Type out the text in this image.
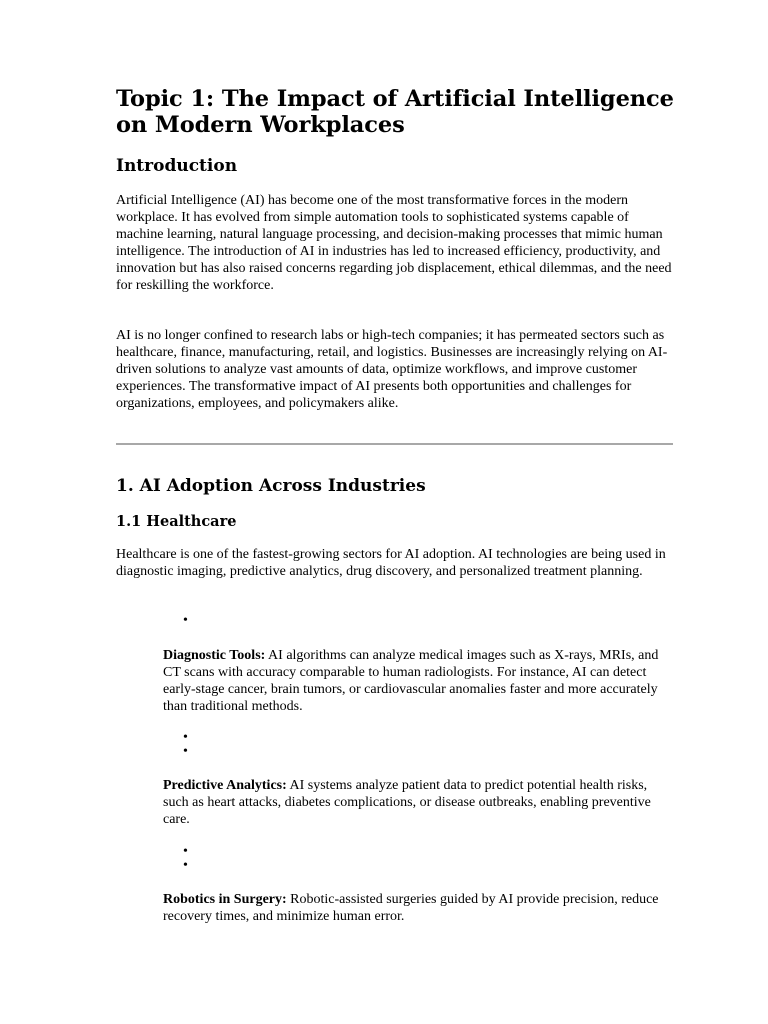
Topic 1: The Impact of Artificial Intelligence on Modern Workplaces
Introduction

Artificial Intelligence (AI) has become one of the most transformative forces in the modern workplace. It has evolved from simple automation tools to sophisticated systems capable of machine learning, natural language processing, and decision-making processes that mimic human intelligence. The introduction of AI in industries has led to increased efficiency, productivity, and innovation but has also raised concerns regarding job displacement, ethical dilemmas, and the need for reskilling the workforce.

AI is no longer confined to research labs or high-tech companies; it has permeated sectors such as healthcare, finance, manufacturing, retail, and logistics. Businesses are increasingly relying on AI-driven solutions to analyze vast amounts of data, optimize workflows, and improve customer experiences. The transformative impact of AI presents both opportunities and challenges for organizations, employees, and policymakers alike.

1. AI Adoption Across Industries
1.1 Healthcare

Healthcare is one of the fastest-growing sectors for AI adoption. AI technologies are being used in diagnostic imaging, predictive analytics, drug discovery, and personalized treatment planning.

•

Diagnostic Tools: AI algorithms can analyze medical images such as X-rays, MRIs, and CT scans with accuracy comparable to human radiologists. For instance, AI can detect early-stage cancer, brain tumors, or cardiovascular anomalies faster and more accurately than traditional methods.

•
•

Predictive Analytics: AI systems analyze patient data to predict potential health risks, such as heart attacks, diabetes complications, or disease outbreaks, enabling preventive care.

•
•

Robotics in Surgery: Robotic-assisted surgeries guided by AI provide precision, reduce recovery times, and minimize human error.
